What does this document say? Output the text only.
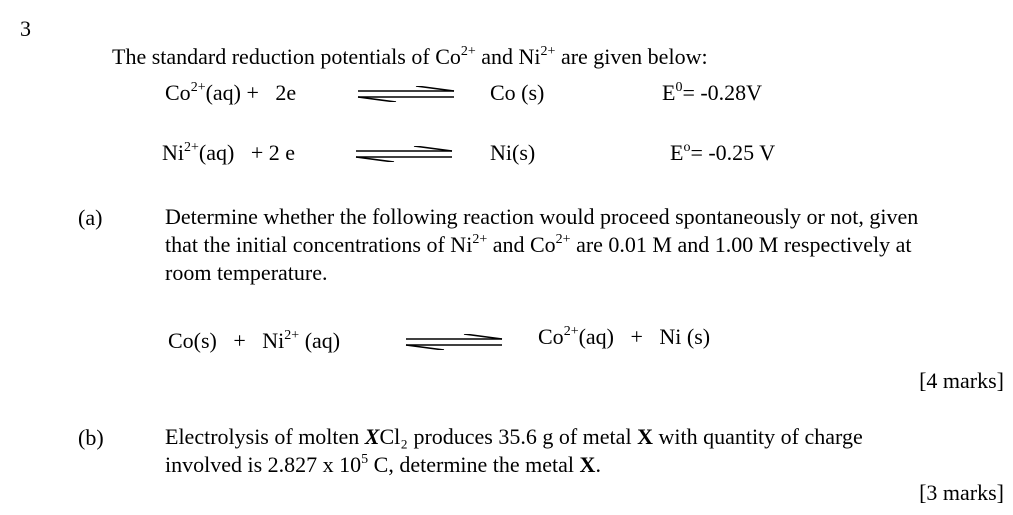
3
The standard reduction potentials of $Co^{2+}$ and $Ni^{2+}$ are given below:
$Co^{2+}(aq) + 2e$	Co (s)	$E^0= -0.28V$
$Ni^{2+}(aq) + 2$ e	Ni(s)	$E^o= -0.25$ V
(a)	Determine whether the following reaction would proceed spontaneously or not, given
that the initial concentrations of $Ni^{2+}$ and $Co^{2+}$ are 0.01 M and 1.00 M respectively at
room temperature.
$Co(s) + Ni^{2+}$ (aq)	$Co^{2+}(aq) + Ni$ (s)
[4 marks]
(b)	Electrolysis of molten XCl₂ produces 35.6 g of metal X with quantity of charge
involved is 2.827 x $10^5$ C, determine the metal X.
[3 marks]
